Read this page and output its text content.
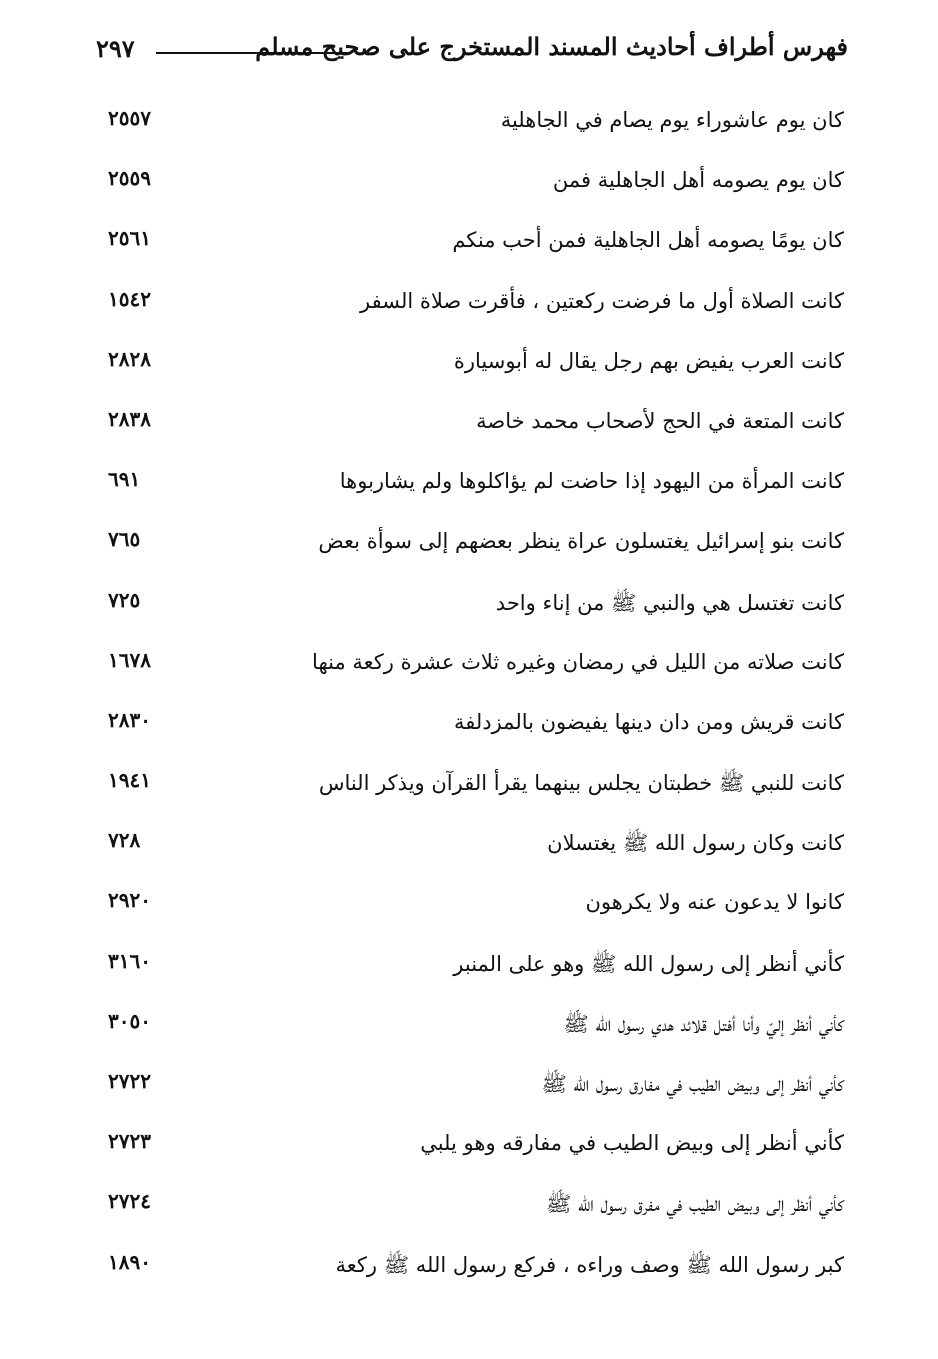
فهرس أطراف أحاديث المسند المستخرج على صحيح مسلم
٢٩٧
كان يوم عاشوراء يوم يصام في الجاهلية
٢٥٥٧
كان يوم يصومه أهل الجاهلية فمن
٢٥٥٩
كان يومًا يصومه أهل الجاهلية فمن أحب منكم
٢٥٦١
كانت الصلاة أول ما فرضت ركعتين ، فأقرت صلاة السفر
١٥٤٢
كانت العرب يفيض بهم رجل يقال له أبوسيارة
٢٨٢٨
كانت المتعة في الحج لأصحاب محمد خاصة
٢٨٣٨
كانت المرأة من اليهود إذا حاضت لم يؤاكلوها ولم يشاربوها
٦٩١
كانت بنو إسرائيل يغتسلون عراة ينظر بعضهم إلى سوأة بعض
٧٦٥
كانت تغتسل هي والنبي ﷺ من إناء واحد
٧٢٥
كانت صلاته من الليل في رمضان وغيره ثلاث عشرة ركعة منها
١٦٧٨
كانت قريش ومن دان دينها يفيضون بالمزدلفة
٢٨٣٠
كانت للنبي ﷺ خطبتان يجلس بينهما يقرأ القرآن ويذكر الناس
١٩٤١
كانت وكان رسول الله ﷺ يغتسلان
٧٢٨
كانوا لا يدعون عنه ولا يكرهون
٢٩٢٠
كأني أنظر إلى رسول الله ﷺ وهو على المنبر
٣١٦٠
كأني أنظر إليّ وأنا أفتل قلائد هدي رسول الله ﷺ
٣٠٥٠
كأني أنظر إلى وبيض الطيب في مفارق رسول الله ﷺ
٢٧٢٢
كأني أنظر إلى وبيض الطيب في مفارقه وهو يلبي
٢٧٢٣
كأني أنظر إلى وبيض الطيب في مفرق رسول الله ﷺ
٢٧٢٤
كبر رسول الله ﷺ وصف وراءه ، فركع رسول الله ﷺ ركعة
١٨٩٠
